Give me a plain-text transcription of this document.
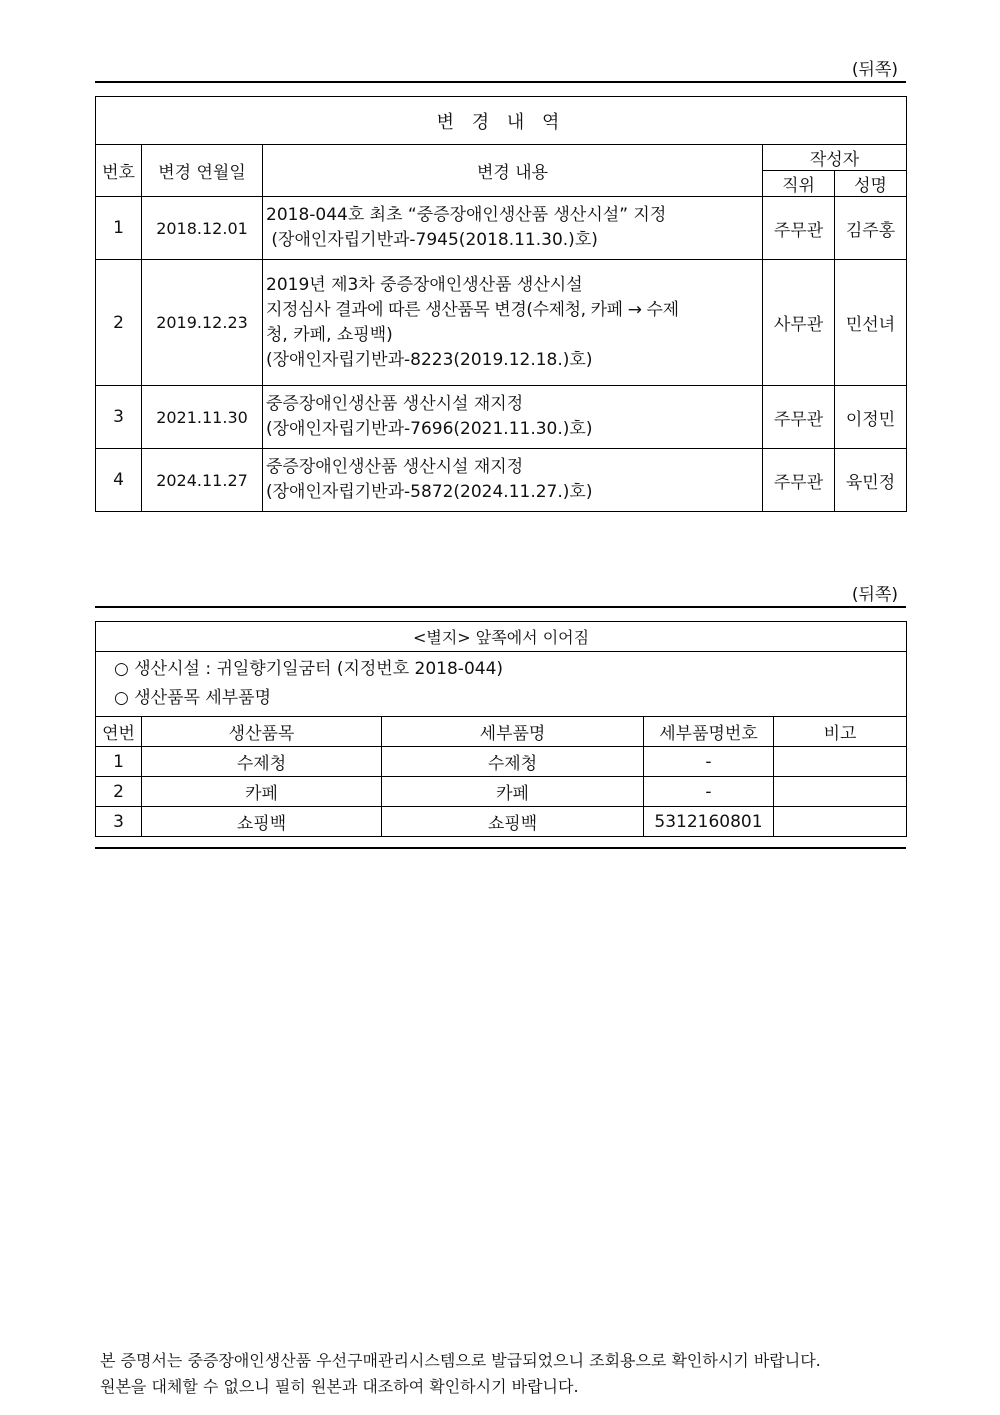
(뒤쪽)
변 경 내 역				
번호	변경 연월일	변경 내용	작성자	
			직위	성명
1	2018.12.01	2018-044호 최초 “중증장애인생산품 생산시설” 지정
(장애인자립기반과-7945(2018.11.30.)호)	주무관	김주홍
2	2019.12.23	2019년 제3차 중증장애인생산품 생산시설
지정심사 결과에 따른 생산품목 변경(수제청, 카페 → 수제
청, 카페, 쇼핑백)
(장애인자립기반과-8223(2019.12.18.)호)	사무관	민선녀
3	2021.11.30	중증장애인생산품 생산시설 재지정
(장애인자립기반과-7696(2021.11.30.)호)	주무관	이정민
4	2024.11.27	중증장애인생산품 생산시설 재지정
(장애인자립기반과-5872(2024.11.27.)호)	주무관	육민정
(뒤쪽)
<별지> 앞쪽에서 이어짐				

○ 생산시설 : 귀일향기일굼터 (지정번호 2018-044)
○ 생산품목 세부품명				

연번	생산품목	세부품명	세부품명번호	비고
1	수제청	수제청	-	
2	카페	카페	-	
3	쇼핑백	쇼핑백	5312160801	
본 증명서는 중증장애인생산품 우선구매관리시스템으로 발급되었으니 조회용으로 확인하시기 바랍니다.
원본을 대체할 수 없으니 필히 원본과 대조하여 확인하시기 바랍니다.
